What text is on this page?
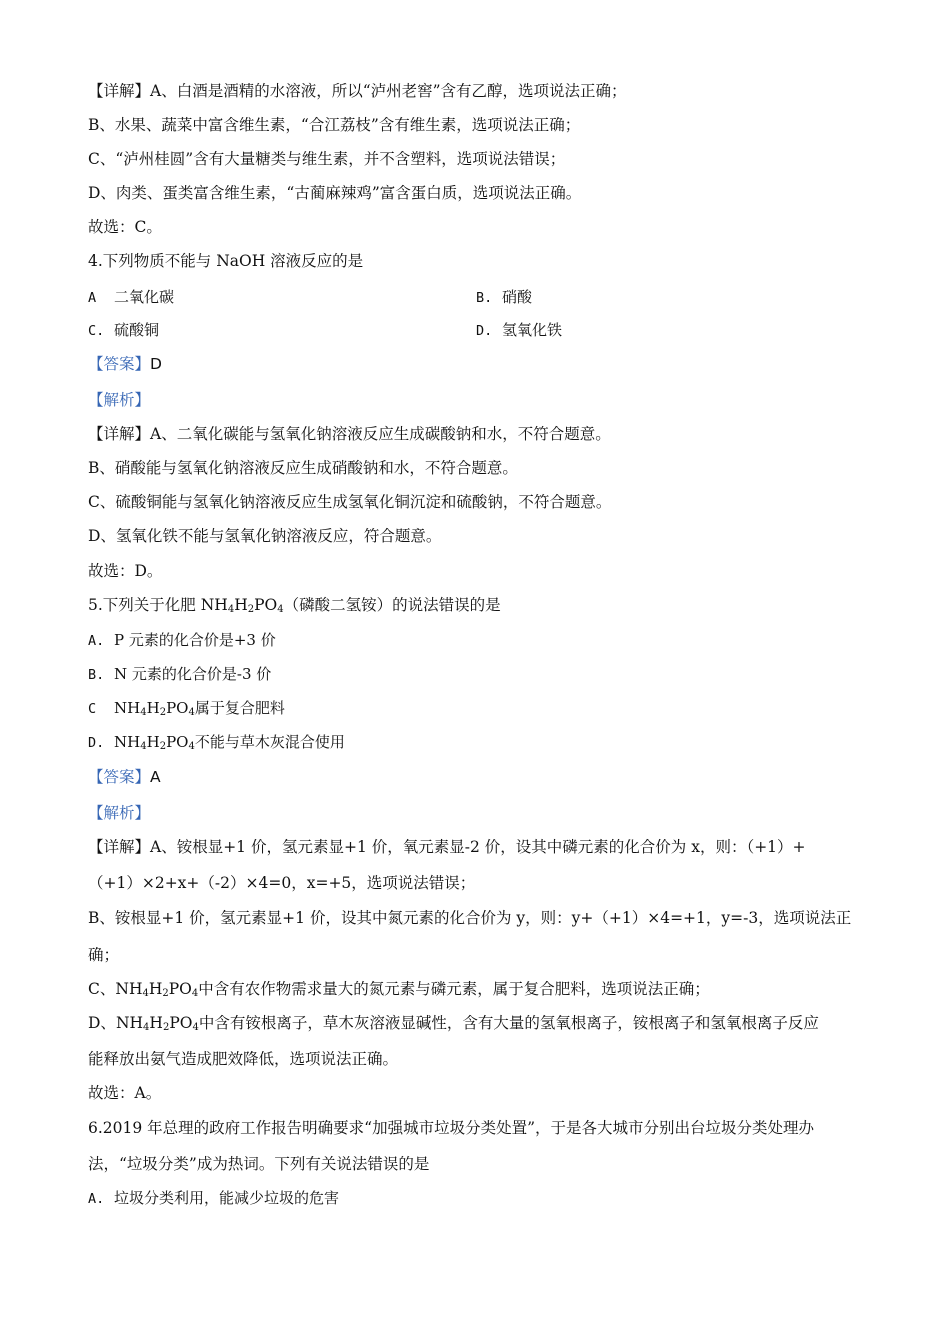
【详解】A、白酒是酒精的水溶液，所以“泸州老窖”含有乙醇，选项说法正确；
B、水果、蔬菜中富含维生素，“合江荔枝”含有维生素，选项说法正确；
C、“泸州桂圆”含有大量糖类与维生素，并不含塑料，选项说法错误；
D、肉类、蛋类富含维生素，“古蔺麻辣鸡”富含蛋白质，选项说法正确。
故选：C。
4.下列物质不能与 NaOH 溶液反应的是
A 二氧化碳	B. 硝酸
C. 硫酸铜	D. 氢氧化铁
【答案】D
【解析】
【详解】A、二氧化碳能与氢氧化钠溶液反应生成碳酸钠和水，不符合题意。
B、硝酸能与氢氧化钠溶液反应生成硝酸钠和水，不符合题意。
C、硫酸铜能与氢氧化钠溶液反应生成氢氧化铜沉淀和硫酸钠，不符合题意。
D、氢氧化铁不能与氢氧化钠溶液反应，符合题意。
故选：D。
5.下列关于化肥 $NH_4H_2PO_4$（磷酸二氢铵）的说法错误的是
A. P 元素的化合价是+3 价
B. N 元素的化合价是-3 价
C $NH_4H_2PO_4$属于复合肥料
D. $NH_4H_2PO_4$不能与草木灰混合使用
【答案】A
【解析】
【详解】A、铵根显+1 价，氢元素显+1 价，氧元素显-2 价，设其中磷元素的化合价为 x，则：（+1）+
（+1）×2+x+（-2）×4=0，x=+5，选项说法错误；
B、铵根显+1 价，氢元素显+1 价，设其中氮元素的化合价为 y，则：y+（+1）×4=+1，y=-3，选项说法正
确；
C、$NH_4H_2PO_4$中含有农作物需求量大的氮元素与磷元素，属于复合肥料，选项说法正确；
D、$NH_4H_2PO_4$中含有铵根离子，草木灰溶液显碱性，含有大量的氢氧根离子，铵根离子和氢氧根离子反应
能释放出氨气造成肥效降低，选项说法正确。
故选：A。
6.2019 年总理的政府工作报告明确要求“加强城市垃圾分类处置”，于是各大城市分别出台垃圾分类处理办
法，“垃圾分类”成为热词。下列有关说法错误的是
A. 垃圾分类利用，能减少垃圾的危害
